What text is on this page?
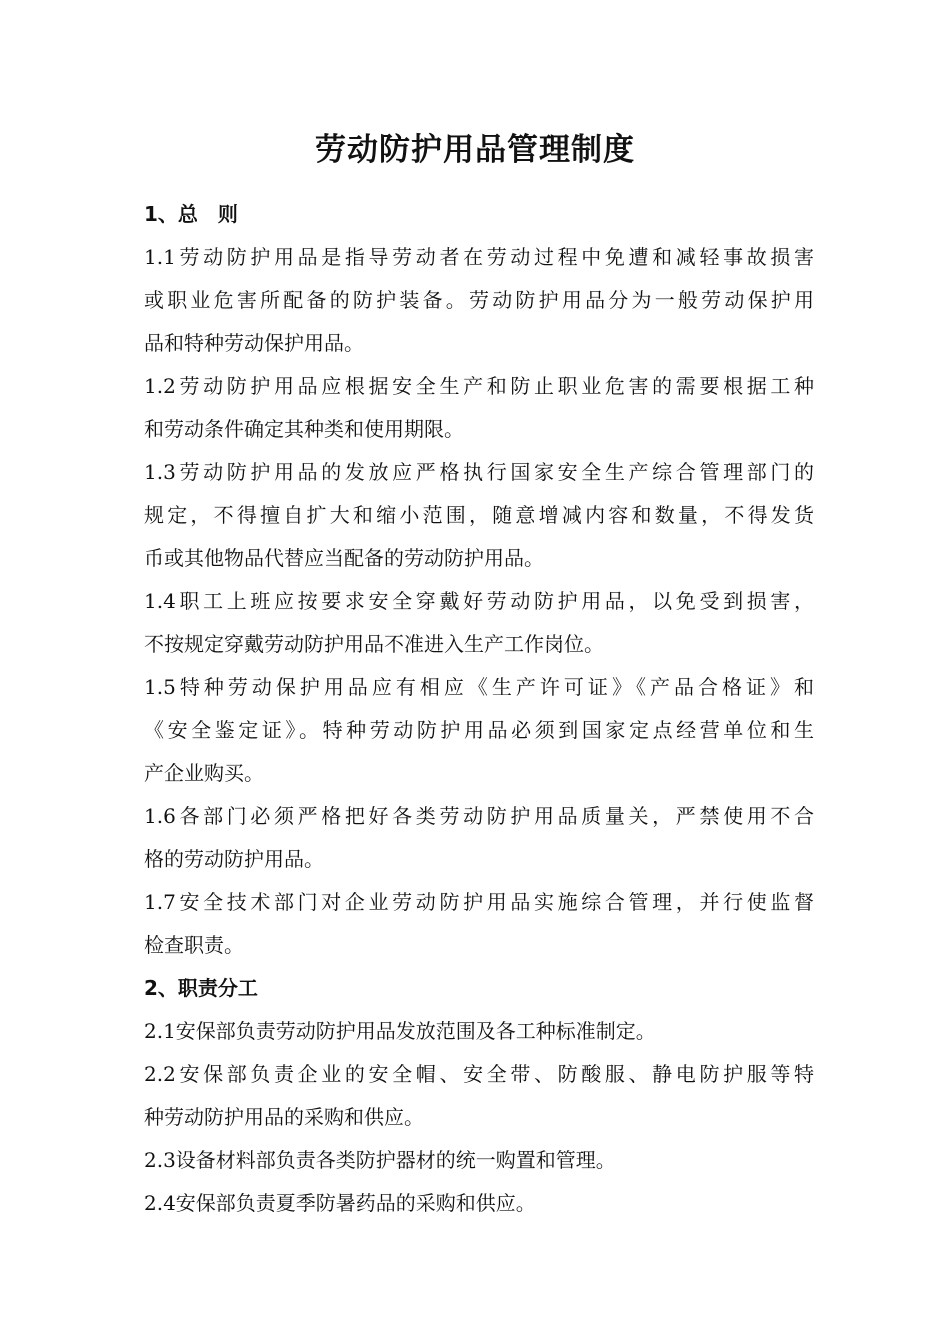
劳动防护用品管理制度
1、总　则
1.1劳动防护用品是指导劳动者在劳动过程中免遭和减轻事故损害
或职业危害所配备的防护装备。劳动防护用品分为一般劳动保护用
品和特种劳动保护用品。
1.2劳动防护用品应根据安全生产和防止职业危害的需要根据工种
和劳动条件确定其种类和使用期限。
1.3劳动防护用品的发放应严格执行国家安全生产综合管理部门的
规定，不得擅自扩大和缩小范围，随意增减内容和数量，不得发货
币或其他物品代替应当配备的劳动防护用品。
1.4职工上班应按要求安全穿戴好劳动防护用品，以免受到损害，
不按规定穿戴劳动防护用品不准进入生产工作岗位。
1.5特种劳动保护用品应有相应《生产许可证》《产品合格证》和
《安全鉴定证》。特种劳动防护用品必须到国家定点经营单位和生
产企业购买。
1.6各部门必须严格把好各类劳动防护用品质量关，严禁使用不合
格的劳动防护用品。
1.7安全技术部门对企业劳动防护用品实施综合管理，并行使监督
检查职责。
2、职责分工
2.1安保部负责劳动防护用品发放范围及各工种标准制定。
2.2安保部负责企业的安全帽、安全带、防酸服、静电防护服等特
种劳动防护用品的采购和供应。
2.3设备材料部负责各类防护器材的统一购置和管理。
2.4安保部负责夏季防暑药品的采购和供应。
